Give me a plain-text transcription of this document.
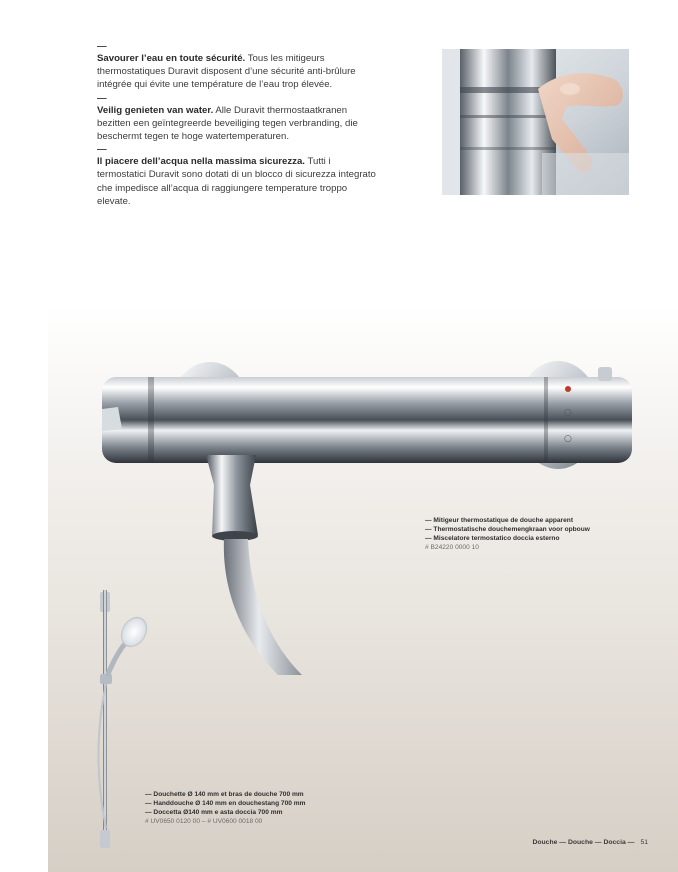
—
Savourer l’eau en toute sécurité. Tous les mitigeurs thermostatiques Duravit disposent d’une sécurité anti-brûlure intégrée qui évite une température de l’eau trop élevée.

—
Veilig genieten van water. Alle Duravit thermostaatkranen bezitten een geïntegreerde beveiliging tegen verbranding, die beschermt tegen te hoge watertemperaturen.

—
Il piacere dell’acqua nella massima sicurezza. Tutti i termostatici Duravit sono dotati di un blocco di sicurezza integrato che impedisce all’acqua di raggiungere temperature troppo elevate.

○
○
— Mitigeur thermostatique de douche apparent
— Thermostatische douchemengkraan voor opbouw
— Miscelatore termostatico doccia esterno
# B24220 0000 10
— Douchette Ø 140 mm et bras de douche 700 mm
— Handdouche Ø 140 mm en douchestang 700 mm
— Doccetta Ø140 mm e asta doccia 700 mm
# UV0650 0120 00 – # UV0600 0018 00
Douche — Douche — Doccia — 51
